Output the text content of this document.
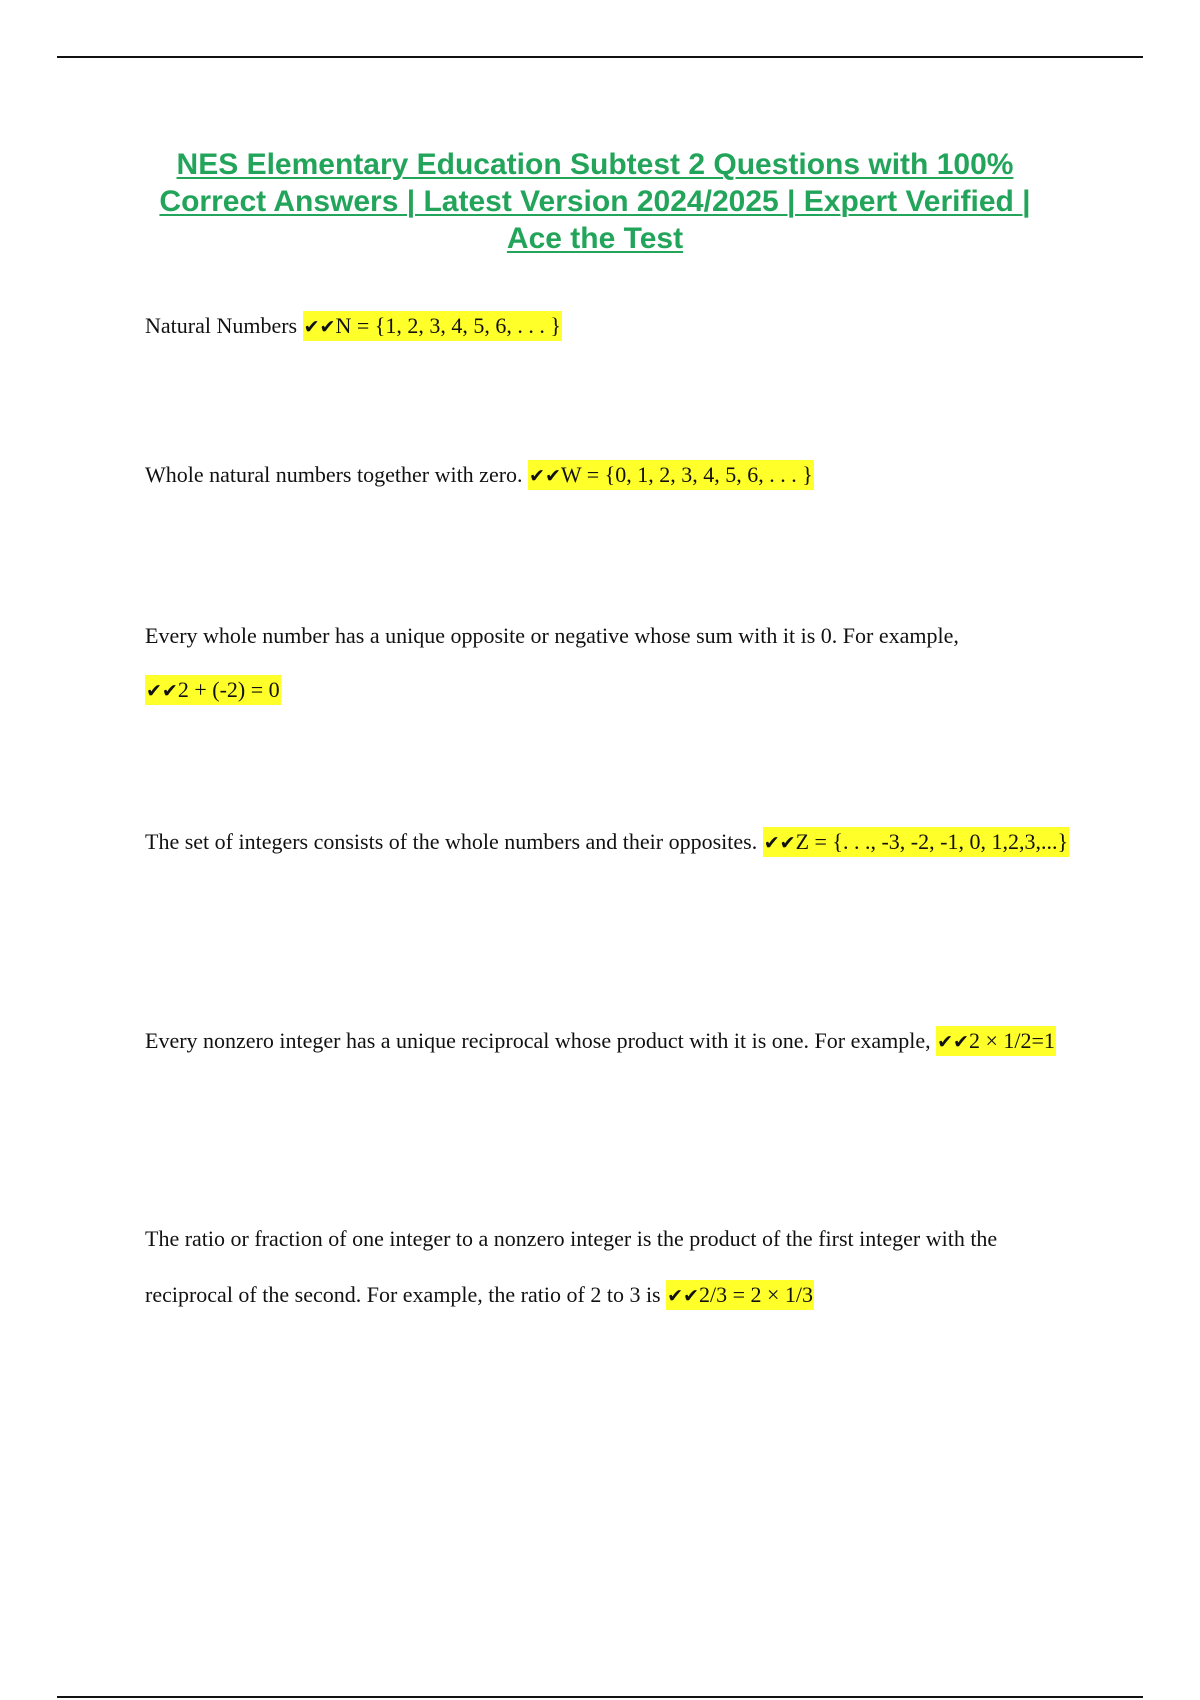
NES Elementary Education Subtest 2 Questions with 100% Correct Answers | Latest Version 2024/2025 | Expert Verified | Ace the Test

Natural Numbers ✔✔N = {1, 2, 3, 4, 5, 6, . . . }

Whole natural numbers together with zero. ✔✔W = {0, 1, 2, 3, 4, 5, 6, . . . }

Every whole number has a unique opposite or negative whose sum with it is 0. For example,
✔✔2 + (-2) = 0

The set of integers consists of the whole numbers and their opposites. ✔✔Z = {. . ., -3, -2, -1, 0, 1,2,3,...}

Every nonzero integer has a unique reciprocal whose product with it is one. For example, ✔✔2 × 1/2=1

The ratio or fraction of one integer to a nonzero integer is the product of the first integer with the reciprocal of the second. For example, the ratio of 2 to 3 is ✔✔2/3 = 2 × 1/3
